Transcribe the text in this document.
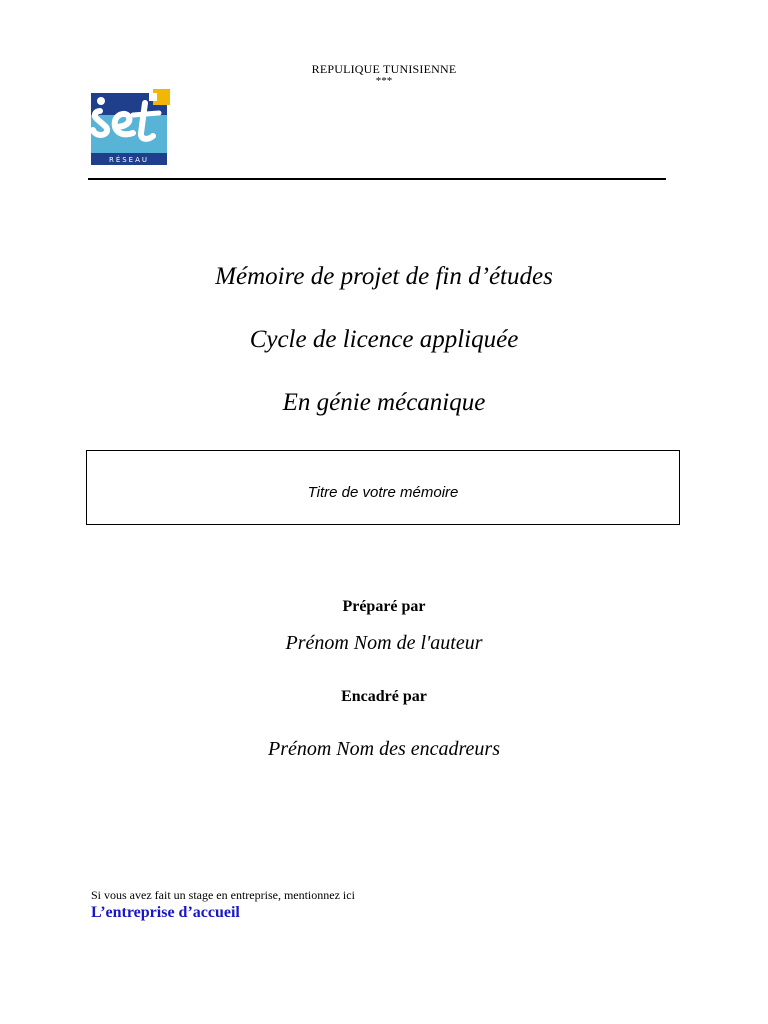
REPULIQUE TUNISIENNE
***
RÉSEAU
Mémoire de projet de fin d’études
Cycle de licence appliquée
En génie mécanique
Titre de votre mémoire
Préparé par
Prénom Nom de l'auteur
Encadré par
Prénom Nom des encadreurs
Si vous avez fait un stage en entreprise, mentionnez ici
L’entreprise d’accueil
